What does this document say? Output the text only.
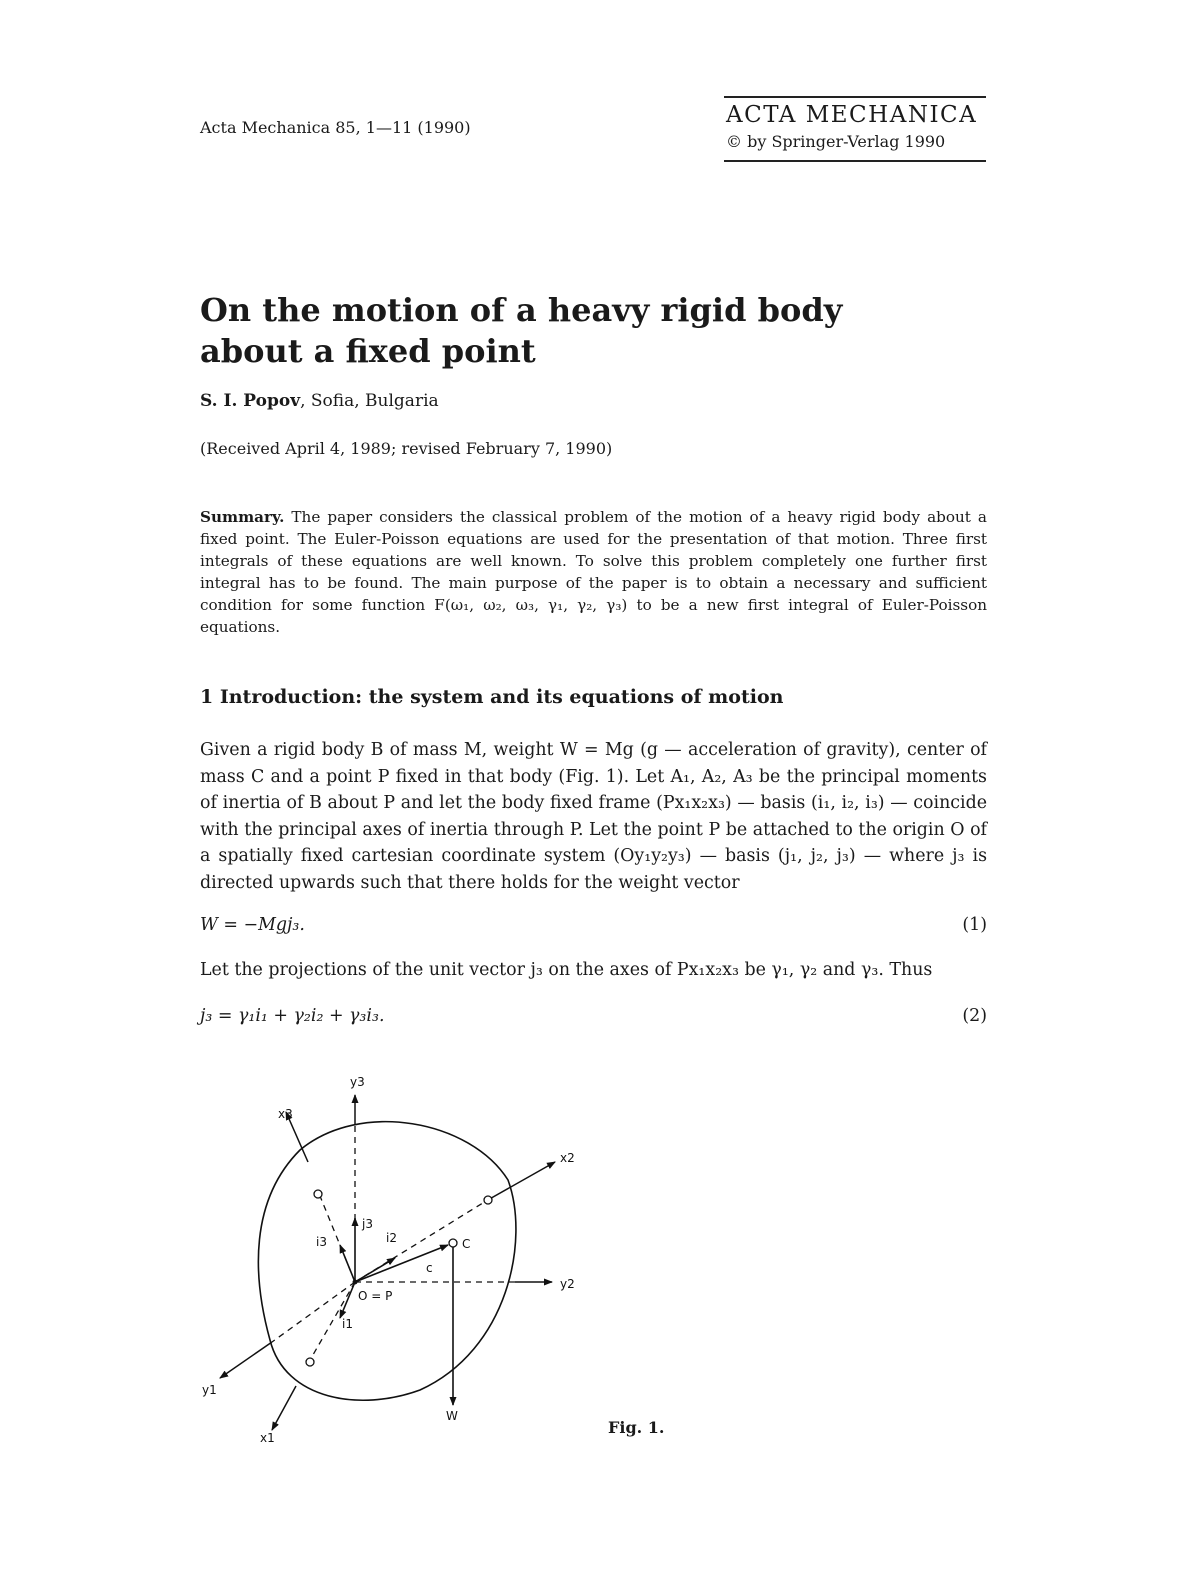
Acta Mechanica 85, 1—11 (1990)	ACTA MECHANICA
© by Springer-Verlag 1990
On the motion of a heavy rigid body
about a fixed point
S. I. Popov, Sofia, Bulgaria
(Received April 4, 1989; revised February 7, 1990)

Summary. The paper considers the classical problem of the motion of a heavy rigid body about a fixed point. The Euler-Poisson equations are used for the presentation of that motion. Three first integrals of these equations are well known. To solve this problem completely one further first integral has to be found. The main purpose of the paper is to obtain a necessary and sufficient condition for some function F(ω₁, ω₂, ω₃, γ₁, γ₂, γ₃) to be a new first integral of Euler-Poisson equations.

1 Introduction: the system and its equations of motion

Given a rigid body B of mass M, weight W = Mg (g — acceleration of gravity), center of mass C and a point P fixed in that body (Fig. 1). Let A₁, A₂, A₃ be the principal moments of inertia of B about P and let the body fixed frame (Px₁x₂x₃) — basis (i₁, i₂, i₃) — coincide with the principal axes of inertia through P. Let the point P be attached to the origin O of a spatially fixed cartesian coordinate system (Oy₁y₂y₃) — basis (j₁, j₂, j₃) — where j₃ is directed upwards such that there holds for the weight vector

W = −Mgj₃.	(1)
Let the projections of the unit vector j₃ on the axes of Px₁x₂x₃ be γ₁, γ₂ and γ₃. Thus
j₃ = γ₁i₁ + γ₂i₂ + γ₃i₃.	(2)
y3
x3
x2
y2
y1
x1
O = P
C
W
i1
i2
i3
j3
c
Fig. 1.
